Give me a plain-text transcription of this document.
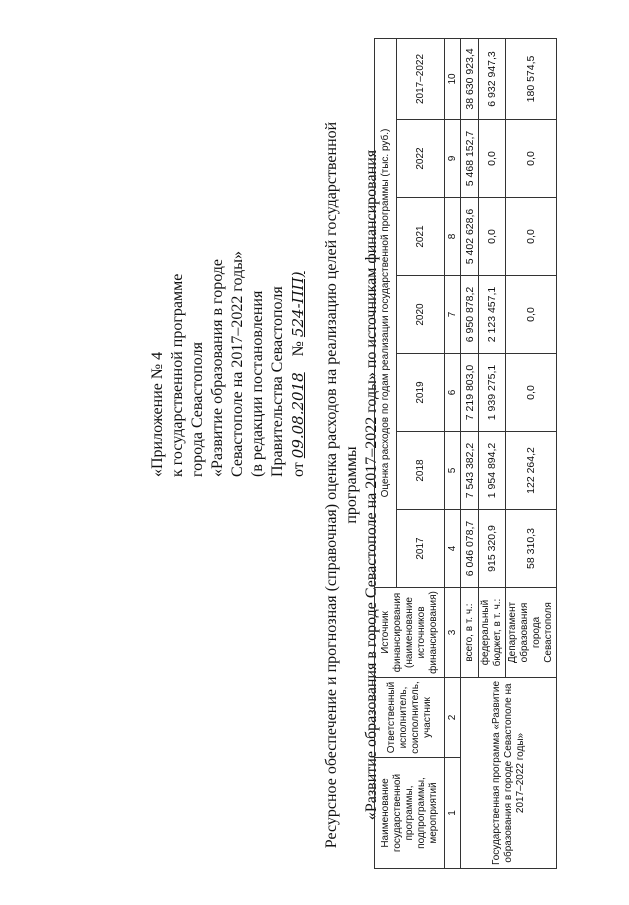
«Приложение № 4 к государственной программе города Севастополя «Развитие образования в городе Севастополе на 2017–2022 годы» (в редакции постановления Правительства Севастополя от 09.08.2018    № 524-ПП) Ресурсное обеспечение и прогнозная (справочная) оценка расходов на реализацию целей государственной программы «Развитие образования в городе Севастополе на 2017–2022 годы» по источникам финансирования Наименование государственной программы, подпрограммы, мероприятий	Ответственный исполнитель, соисполнитель, участник	Источник финансирования (наименование источников финансирования)	Оценка расходов по годам реализации государственной программы (тыс. руб.)						
			2017	2018	2019	2020	2021	2022	2017–2022
1	2	3	4	5	6	7	8	9	10
Государственная программа «Развитие образования в городе Севастополе на 2017–2022 годы»		всего, в т. ч.:	6 046 078,7	7 543 382,2	7 219 803,0	6 950 878,2	5 402 628,6	5 468 152,7	38 630 923,4
		федеральный бюджет, в т. ч.:	915 320,9	1 954 894,2	1 939 275,1	2 123 457,1	0,0	0,0	6 932 947,3
		Департамент образования города Севастополя	58 310,3	122 264,2	0,0	0,0	0,0	0,0	180 574,5
